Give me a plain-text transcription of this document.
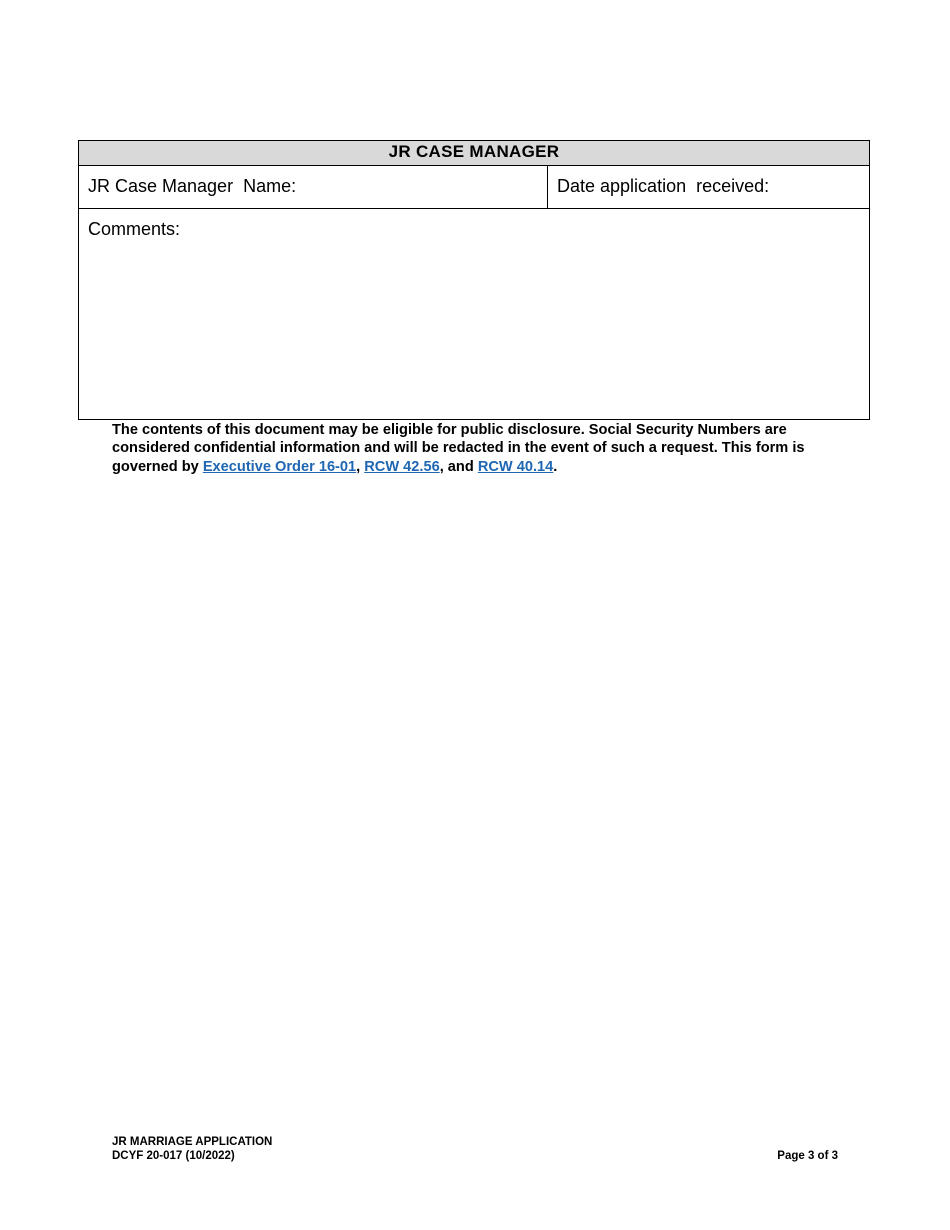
JR CASE MANAGER
JR Case Manager  Name:	Date application  received:
Comments:
The contents of this document may be eligible for public disclosure. Social Security Numbers are considered confidential information and will be redacted in the event of such a request. This form is governed by Executive Order 16-01, RCW 42.56, and RCW 40.14.
JR MARRIAGE APPLICATION
DCYF 20-017 (10/2022)	Page 3 of 3
